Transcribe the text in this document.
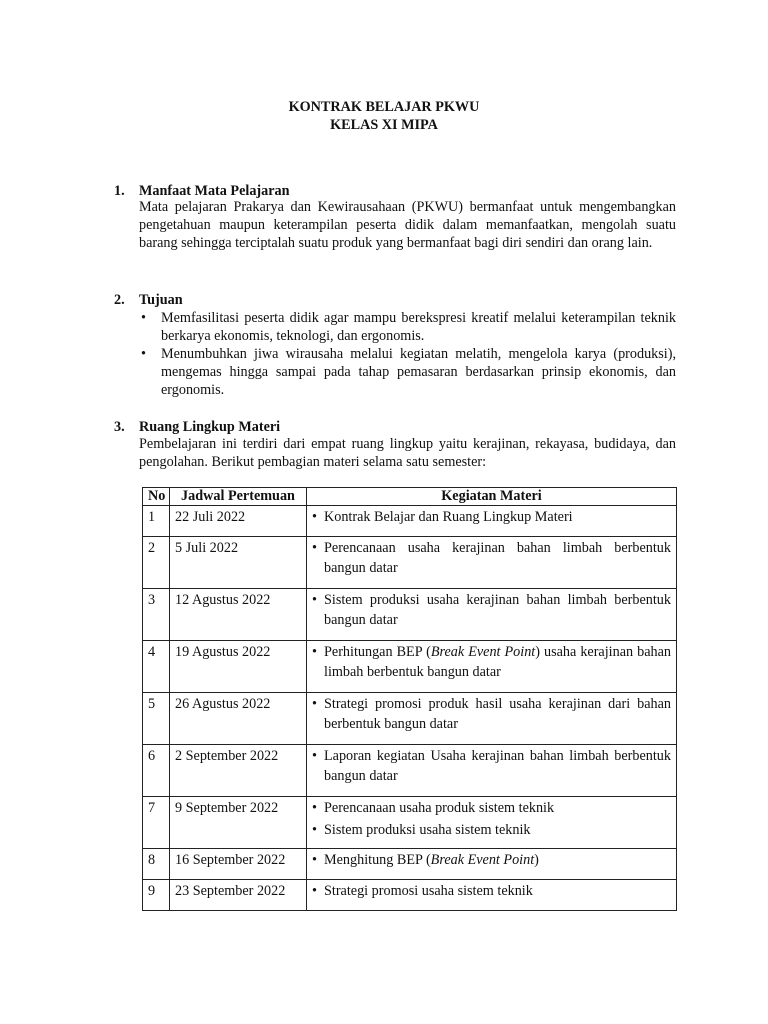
KONTRAK BELAJAR PKWU
KELAS XI MIPA
1. Manfaat Mata Pelajaran
Mata pelajaran Prakarya dan Kewirausahaan (PKWU) bermanfaat untuk mengembangkan pengetahuan maupun keterampilan peserta didik dalam memanfaatkan, mengolah suatu barang sehingga terciptalah suatu produk yang bermanfaat bagi diri sendiri dan orang lain.
2. Tujuan
• Memfasilitasi peserta didik agar mampu berekspresi kreatif melalui keterampilan teknik berkarya ekonomis, teknologi, dan ergonomis.
• Menumbuhkan jiwa wirausaha melalui kegiatan melatih, mengelola karya (produksi), mengemas hingga sampai pada tahap pemasaran berdasarkan prinsip ekonomis, dan ergonomis.
3. Ruang Lingkup Materi
Pembelajaran ini terdiri dari empat ruang lingkup yaitu kerajinan, rekayasa, budidaya, dan pengolahan. Berikut pembagian materi selama satu semester:
No	Jadwal Pertemuan	Kegiatan Materi
1	22 Juli 2022	• Kontrak Belajar dan Ruang Lingkup Materi

2	5 Juli 2022	• Perencanaan usaha kerajinan bahan limbah berbentuk bangun datar

3	12 Agustus 2022	• Sistem produksi usaha kerajinan bahan limbah berbentuk bangun datar

4	19 Agustus 2022	• Perhitungan BEP (Break Event Point) usaha kerajinan bahan limbah berbentuk bangun datar

5	26 Agustus 2022	• Strategi promosi produk hasil usaha kerajinan dari bahan berbentuk bangun datar

6	2 September 2022	• Laporan kegiatan Usaha kerajinan bahan limbah berbentuk bangun datar

7	9 September 2022	• Perencanaan usaha produk sistem teknik
• Sistem produksi usaha sistem teknik

8	16 September 2022	• Menghitung BEP (Break Event Point)

9	23 September 2022	• Strategi promosi usaha sistem teknik
